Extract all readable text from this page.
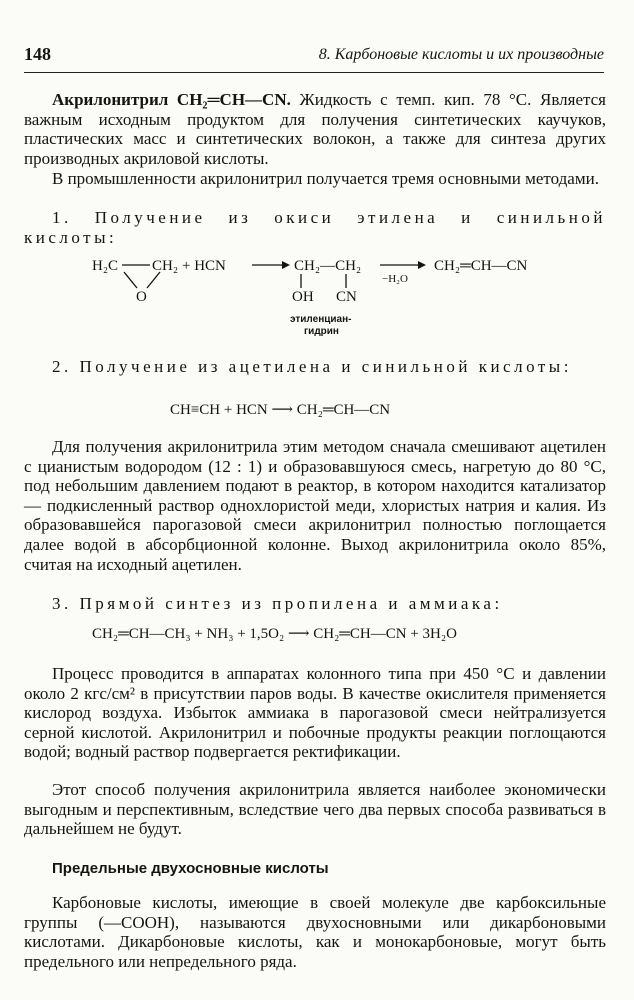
148	8. Карбоновые кислоты и их производные

Акрилонитрил СН₂═СН—CN. Жидкость с темп. кип. 78 °С. Является важным исходным продуктом для получения синтетических каучуков, пластических масс и синтетических волокон, а также для синтеза других производных акриловой кислоты.

В промышленности акрилонитрил получается тремя основными методами.

1. Получение из окиси этилена и синильной кислоты:

H₂C CH₂
O
+ HCN	CH₂—CH₂
OH CN
−H₂O
CH₂═CH—CN
этиленциан-
гидрин

2. Получение из ацетилена и синильной кислоты:

CH≡CH + HCN ⟶ CH₂═CH—CN

Для получения акрилонитрила этим методом сначала смешивают ацетилен с цианистым водородом (12 : 1) и образовавшуюся смесь, нагретую до 80 °С, под небольшим давлением подают в реактор, в котором находится катализатор — подкисленный раствор однохлористой меди, хлористых натрия и калия. Из образовавшейся парогазовой смеси акрилонитрил полностью поглощается далее водой в абсорбционной колонне. Выход акрилонитрила около 85%, считая на исходный ацетилен.

3. Прямой синтез из пропилена и аммиака:

CH₂═CH—CH₃ + NH₃ + 1,5O₂ ⟶ CH₂═CH—CN + 3H₂O

Процесс проводится в аппаратах колонного типа при 450 °С и давлении около 2 кгс/см² в присутствии паров воды. В качестве окислителя применяется кислород воздуха. Избыток аммиака в парогазовой смеси нейтрализуется серной кислотой. Акрилонитрил и побочные продукты реакции поглощаются водой; водный раствор подвергается ректификации.

Этот способ получения акрилонитрила является наиболее экономически выгодным и перспективным, вследствие чего два первых способа развиваться в дальнейшем не будут.

Предельные двухосновные кислоты

Карбоновые кислоты, имеющие в своей молекуле две карбоксильные группы (—СООН), называются двухосновными или дикарбоновыми кислотами. Дикарбоновые кислоты, как и монокарбоновые, могут быть предельного или непредельного ряда.
